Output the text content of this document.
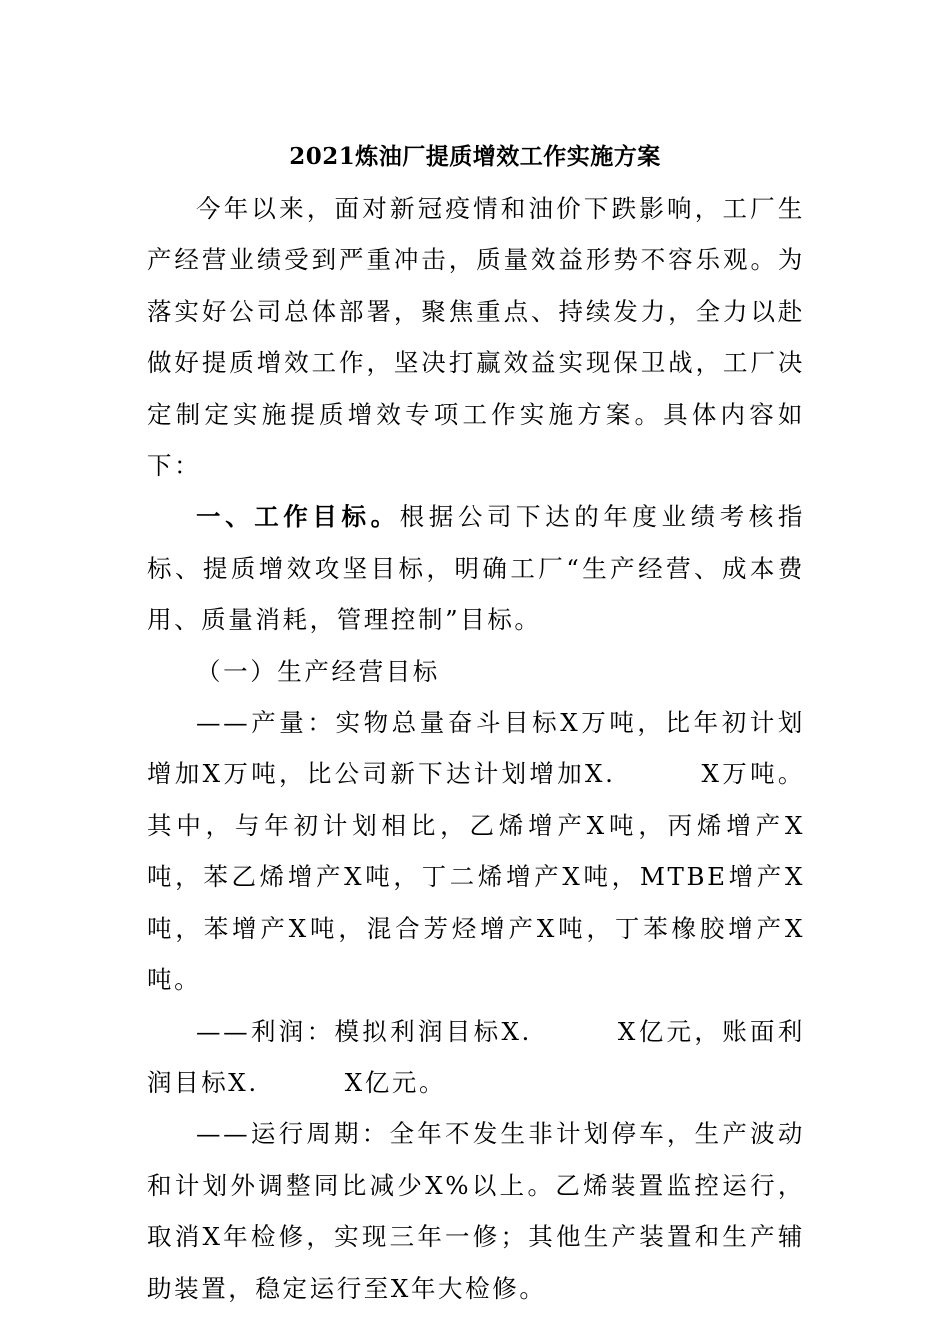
2021炼油厂提质增效工作实施方案

今年以来，面对新冠疫情和油价下跌影响，工厂生产经营业绩受到严重冲击，质量效益形势不容乐观。为落实好公司总体部署，聚焦重点、持续发力，全力以赴做好提质增效工作，坚决打赢效益实现保卫战，工厂决定制定实施提质增效专项工作实施方案。具体内容如下：

一、工作目标。根据公司下达的年度业绩考核指标、提质增效攻坚目标，明确工厂“生产经营、成本费用、质量消耗，管理控制”目标。

（一）生产经营目标

——产量：实物总量奋斗目标X万吨，比年初计划增加X万吨，比公司新下达计划增加X.	X万吨。其中，与年初计划相比，乙烯增产X吨，丙烯增产X吨，苯乙烯增产X吨，丁二烯增产X吨，MTBE增产X吨，苯增产X吨，混合芳烃增产X吨，丁苯橡胶增产X吨。

——利润：模拟利润目标X.	X亿元，账面利润目标X.	X亿元。

——运行周期：全年不发生非计划停车，生产波动和计划外调整同比减少X%以上。乙烯装置监控运行，取消X年检修，实现三年一修；其他生产装置和生产辅助装置，稳定运行至X年大检修。
